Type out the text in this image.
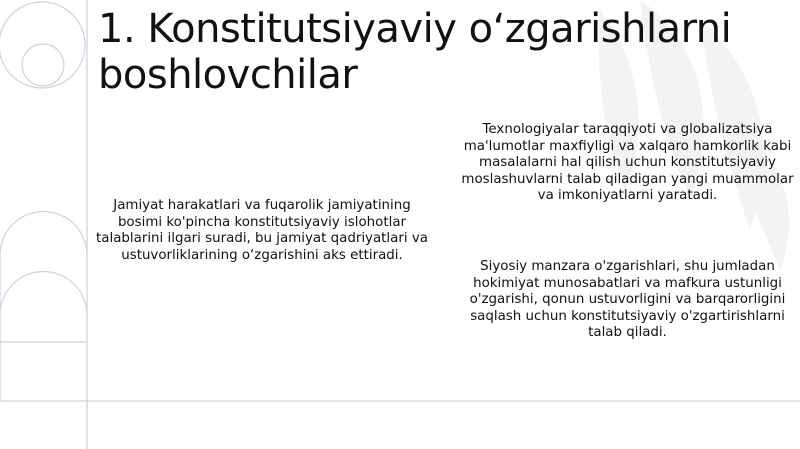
1. Konstitutsiyaviy o‘zgarishlarni boshlovchilar
Jamiyat harakatlari va fuqarolik jamiyatining bosimi ko'pincha konstitutsiyaviy islohotlar talablarini ilgari suradi, bu jamiyat qadriyatlari va ustuvorliklarining o‘zgarishini aks ettiradi.
Texnologiyalar taraqqiyoti va globalizatsiya ma'lumotlar maxfiyligi va xalqaro hamkorlik kabi masalalarni hal qilish uchun konstitutsiyaviy moslashuvlarni talab qiladigan yangi muammolar va imkoniyatlarni yaratadi.
Siyosiy manzara o'zgarishlari, shu jumladan hokimiyat munosabatlari va mafkura ustunligi o'zgarishi, qonun ustuvorligini va barqarorligini saqlash uchun konstitutsiyaviy o'zgartirishlarni talab qiladi.
